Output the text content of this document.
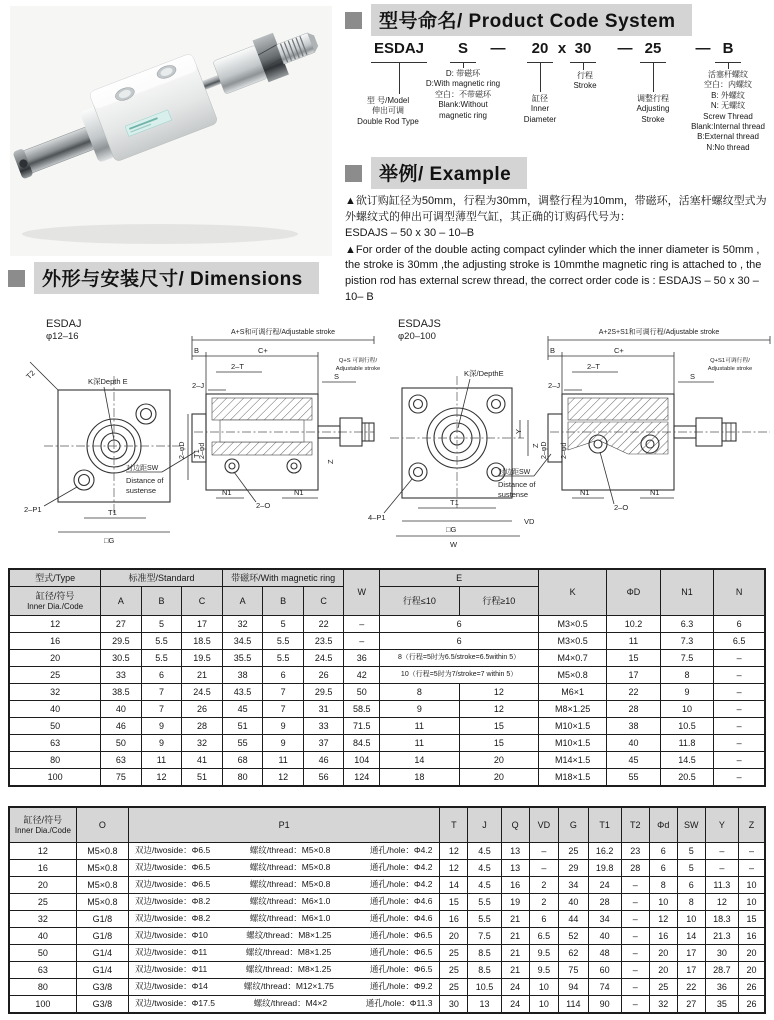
型号命名/ Product Code System
ESDAJ S — 20 x 30 — 25 — B
型 号/Model
伸出可调
Double Rod Type
D: 带磁环
D:With magnetic ring
空白：不带磁环
Blank:Without
magnetic ring
缸径
Inner
Diameter
行程
Stroke
调整行程
Adjusting
Stroke
活塞杆螺纹
空白：内螺纹
B: 外螺纹
N: 无螺纹
Screw Thread
Blank:Internal thread
B:External thread
N:No thread
举例/ Example
▲欲订购缸径为50mm，行程为30mm，调整行程为10mm，带磁环，活塞杆螺纹型式为外螺纹式的伸出可调型薄型气缸，其正确的订购码代号为：
ESDAJS – 50 x 30 – 10–B
▲For order of the double acting compact cylinder which the inner diameter is 50mm , the stroke is 30mm ,the adjusting stroke is 10mmthe magnetic ring is attached to , the pistion rod has external screw thread, the correct order code is : ESDAJS – 50 x 30 –10– B
外形与安装尺寸/ Dimensions
ESDAJ
φ12–16
T2
K深Depth E
T1
T1
□G
2–P1
A+S和可调行程/Adjustable stroke
B	C+
2–T
2–J
S
Q+S 可调行程/
Adjustable stroke
2–φD 2–φd
对边距SW
Distance of
sustense
Z
N1
2–O
N1
ESDAJS
φ20–100
K深/DepthE
Y
Z
T1
□G
VD
W
4–P1
A+2S+S1和可调行程/Adjustable stroke
B	C+
2–T
2–J
S
Q+S1可调行程/
Adjustable stroke
2–φD 2–φd
对边距SW
Distance of
sustense	N1
2–O
N1
型式/Type	标准型/Standard			带磁环/With magnetic ring			W	E		K	ΦD	N1	N

缸径/符号
Inner Dia./Code	A	B	C	A	B	C		行程≤10	行程≥10				
12	27	5	17	32	5	22	–	6		M3×0.5	10.2	6.3	6
16	29.5	5.5	18.5	34.5	5.5	23.5	–	6		M3×0.5	11	7.3	6.5
20	30.5	5.5	19.5	35.5	5.5	24.5	36	8（行程=5时为6.5/stroke=6.5within 5）		M4×0.7	15	7.5	–
25	33	6	21	38	6	26	42	10（行程=5时为7/stroke=7 within 5）		M5×0.8	17	8	–
32	38.5	7	24.5	43.5	7	29.5	50	8	12	M6×1	22	9	–
40	40	7	26	45	7	31	58.5	9	12	M8×1.25	28	10	–
50	46	9	28	51	9	33	71.5	11	15	M10×1.5	38	10.5	–
63	50	9	32	55	9	37	84.5	11	15	M10×1.5	40	11.8	–
80	63	11	41	68	11	46	104	14	20	M14×1.5	45	14.5	–
100	75	12	51	80	12	56	124	18	20	M18×1.5	55	20.5	–
缸径/符号
Inner Dia./Code	O	P1	T	J	Q	VD	G	T1	T2	Φd	SW	Y	Z
12	M5×0.8	双边/twoside：Φ6.5 螺纹/thread：M5×0.8 通孔/hole：Φ4.2	12	4.5	13	–	25	16.2	23	6	5	–	–
16	M5×0.8	双边/twoside：Φ6.5 螺纹/thread：M5×0.8 通孔/hole：Φ4.2	12	4.5	13	–	29	19.8	28	6	5	–	–
20	M5×0.8	双边/twoside：Φ6.5 螺纹/thread：M5×0.8 通孔/hole：Φ4.2	14	4.5	16	2	34	24	–	8	6	11.3	10
25	M5×0.8	双边/twoside：Φ8.2 螺纹/thread：M6×1.0 通孔/hole：Φ4.6	15	5.5	19	2	40	28	–	10	8	12	10
32	G1/8	双边/twoside：Φ8.2 螺纹/thread：M6×1.0 通孔/hole：Φ4.6	16	5.5	21	6	44	34	–	12	10	18.3	15
40	G1/8	双边/twoside：Φ10 螺纹/thread：M8×1.25 通孔/hole：Φ6.5	20	7.5	21	6.5	52	40	–	16	14	21.3	16
50	G1/4	双边/twoside：Φ11 螺纹/thread：M8×1.25 通孔/hole：Φ6.5	25	8.5	21	9.5	62	48	–	20	17	30	20
63	G1/4	双边/twoside：Φ11 螺纹/thread：M8×1.25 通孔/hole：Φ6.5	25	8.5	21	9.5	75	60	–	20	17	28.7	20
80	G3/8	双边/twoside：Φ14 螺纹/thread：M12×1.75 通孔/hole：Φ9.2	25	10.5	24	10	94	74	–	25	22	36	26
100	G3/8	双边/twoside：Φ17.5 螺纹/thread：M4×2 通孔/hole：Φ11.3	30	13	24	10	114	90	–	32	27	35	26
